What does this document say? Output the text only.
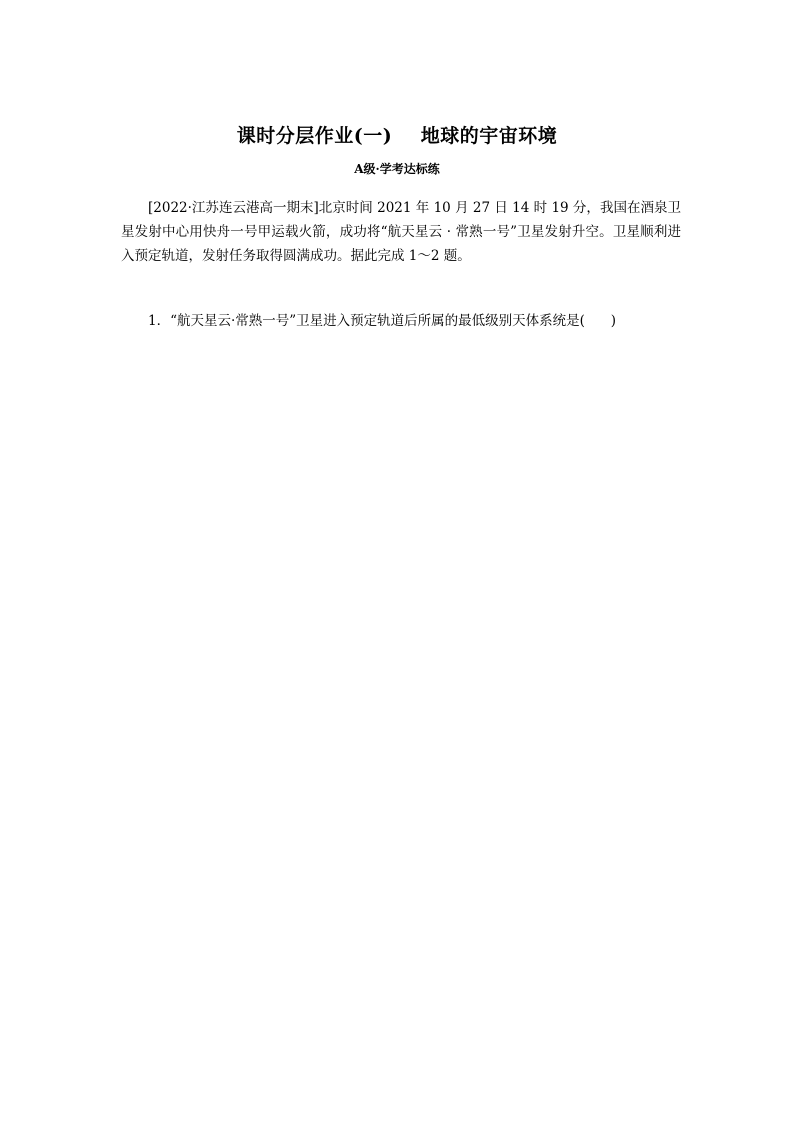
课时分层作业(一)    地球的宇宙环境
A级·学考达标练
[2022·江苏连云港高一期末]北京时间 2021 年 10 月 27 日 14 时 19 分，我国在酒泉卫星发射中心用快舟一号甲运载火箭，成功将“航天星云 · 常熟一号”卫星发射升空。卫星顺利进入预定轨道，发射任务取得圆满成功。据此完成 1～2 题。
1．“航天星云·常熟一号”卫星进入预定轨道后所属的最低级别天体系统是(      )
